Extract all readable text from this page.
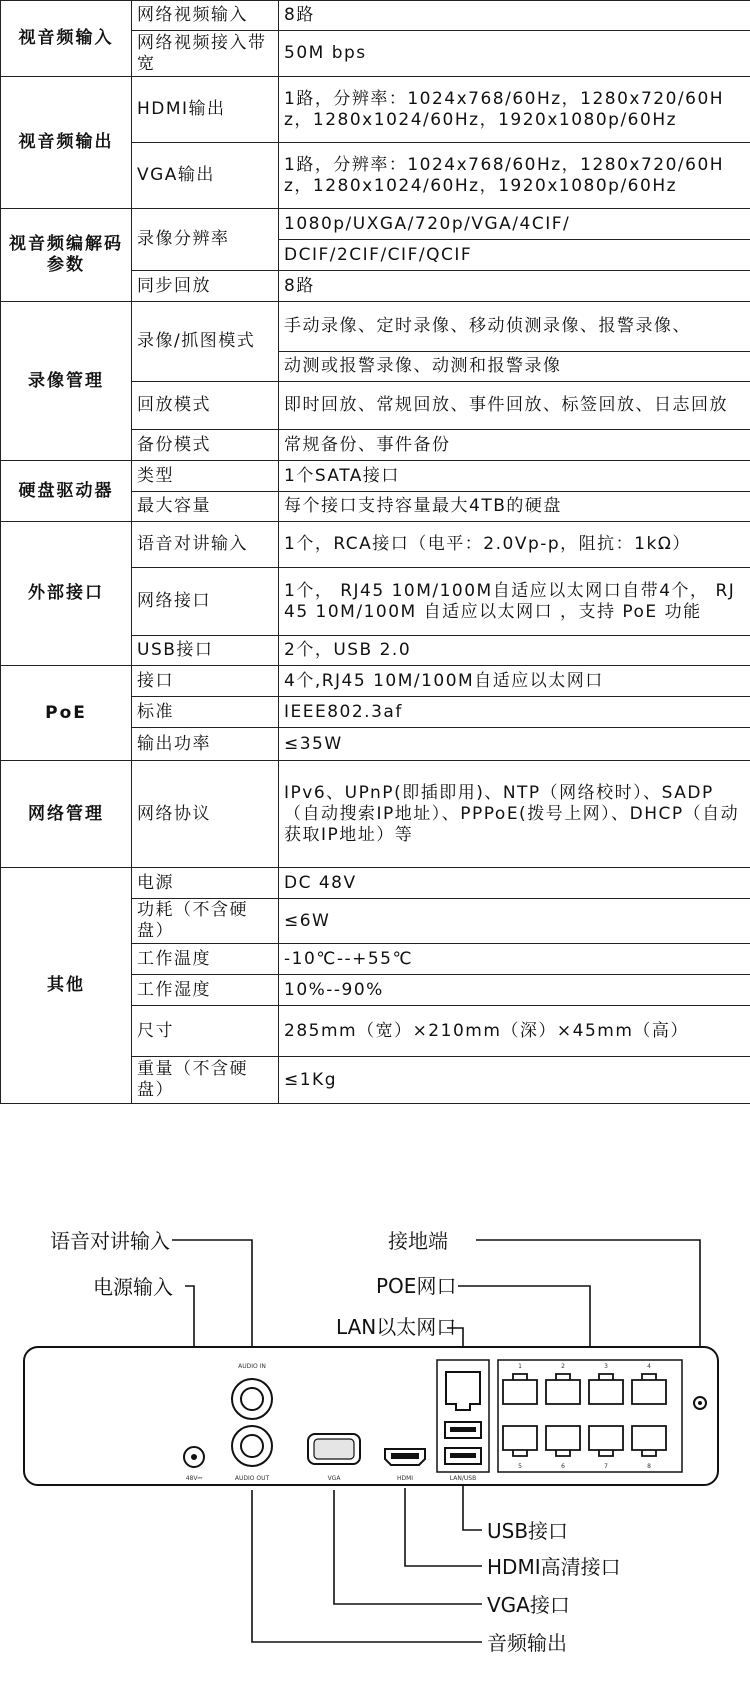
视音频输入	网络视频输入	8路
	网络视频接入带宽	50M bps
视音频输出	HDMI输出	1路，分辨率：1024x768/60Hz，1280x720/60Hz，1280x1024/60Hz，1920x1080p/60Hz
	VGA输出	1路，分辨率：1024x768/60Hz，1280x720/60Hz，1280x1024/60Hz，1920x1080p/60Hz
视音频编解码参数	录像分辨率	1080p/UXGA/720p/VGA/4CIF/
		DCIF/2CIF/CIF/QCIF
	同步回放	8路
录像管理	录像/抓图模式	手动录像、定时录像、移动侦测录像、报警录像、
		动测或报警录像、动测和报警录像
	回放模式	即时回放、常规回放、事件回放、标签回放、日志回放
	备份模式	常规备份、事件备份
硬盘驱动器	类型	1个SATA接口
	最大容量	每个接口支持容量最大4TB的硬盘
外部接口	语音对讲输入	1个，RCA接口（电平：2.0Vp-p，阻抗：1kΩ）
	网络接口	1个， RJ45 10M/100M自适应以太网口自带4个， RJ45 10M/100M 自适应以太网口 ，支持 PoE 功能
	USB接口	2个，USB 2.0
PoE	接口	4个,RJ45 10M/100M自适应以太网口
	标准	IEEE802.3af
	输出功率	≤35W
网络管理	网络协议	IPv6、UPnP(即插即用)、NTP（网络校时）、SADP（自动搜索IP地址）、PPPoE(拨号上网）、DHCP（自动获取IP地址）等
其他	电源	DC 48V
	功耗（不含硬盘）	≤6W
	工作温度	-10℃--+55℃
	工作湿度	10%--90%
	尺寸	285mm（宽）×210mm（深）×45mm（高）
	重量（不含硬盘）	≤1Kg
语音对讲输入
电源输入
接地端
POE网口
LAN以太网口
USB接口
HDMI高清接口
VGA接口
音频输出
AUDIO IN
AUDIO OUT
48V⎓	VGA	HDMI	LAN/USB
1
5
2
6
3
7
4
8
